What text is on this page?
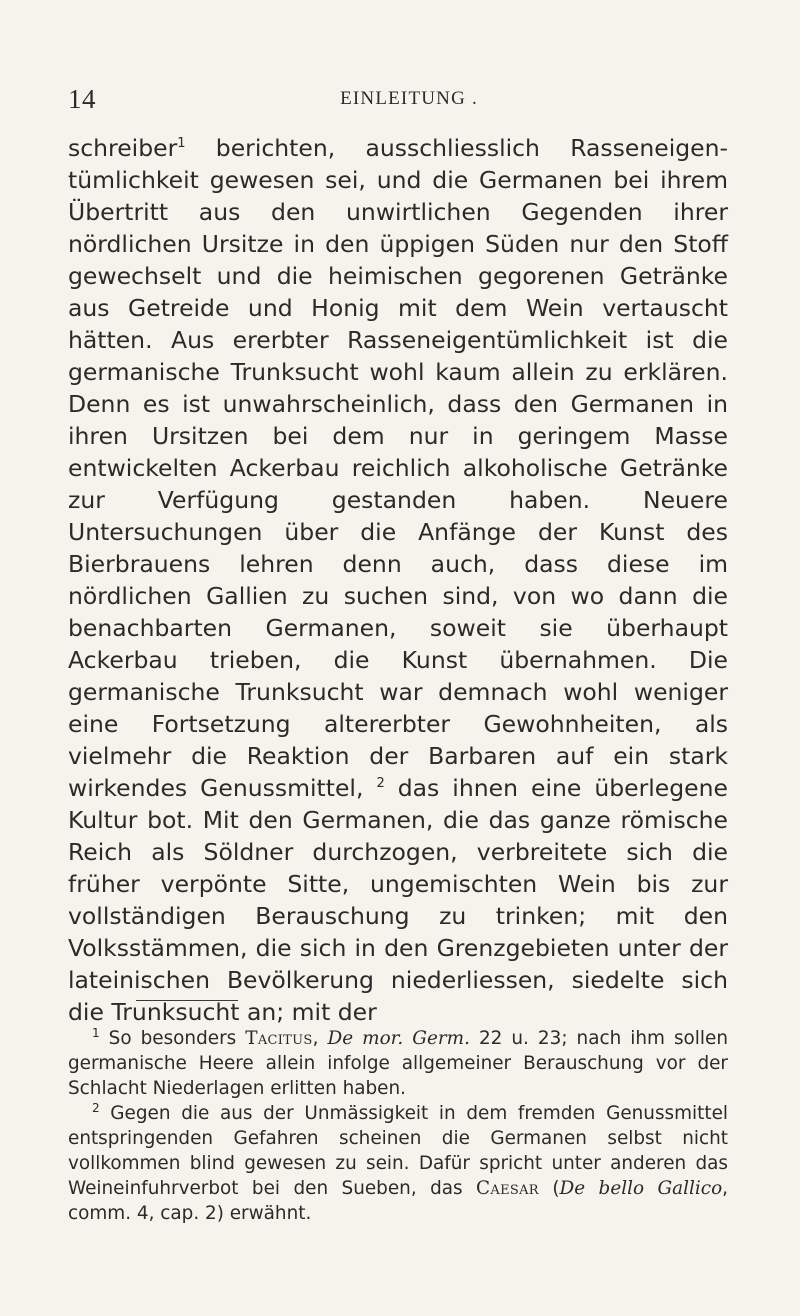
14	EINLEITUNG .

schreiber$^1$ berichten, ausschliesslich Rasseneigentümlichkeit gewesen sei, und die Germanen bei ihrem Übertritt aus den unwirtlichen Gegenden ihrer nördlichen Ursitze in den üppigen Süden nur den Stoff gewechselt und die heimischen gegorenen Getränke aus Getreide und Honig mit dem Wein vertauscht hätten. Aus ererbter Rasseneigentümlichkeit ist die germanische Trunksucht wohl kaum allein zu erklären. Denn es ist unwahrscheinlich, dass den Germanen in ihren Ursitzen bei dem nur in geringem Masse entwickelten Ackerbau reichlich alkoholische Getränke zur Verfügung gestanden haben. Neuere Untersuchungen über die Anfänge der Kunst des Bierbrauens lehren denn auch, dass diese im nördlichen Gallien zu suchen sind, von wo dann die benachbarten Germanen, soweit sie überhaupt Ackerbau trieben, die Kunst übernahmen. Die germanische Trunksucht war demnach wohl weniger eine Fortsetzung altererbter Gewohnheiten, als vielmehr die Reaktion der Barbaren auf ein stark wirkendes Genussmittel, $^2$ das ihnen eine überlegene Kultur bot. Mit den Germanen, die das ganze römische Reich als Söldner durchzogen, verbreitete sich die früher verpönte Sitte, ungemischten Wein bis zur vollständigen Berauschung zu trinken; mit den Volksstämmen, die sich in den Grenzgebieten unter der lateinischen Bevölkerung niederliessen, siedelte sich die Trunksucht an; mit der

$^1$ So besonders Tacitus, De mor. Germ. 22 u. 23; nach ihm sollen germanische Heere allein infolge allgemeiner Berauschung vor der Schlacht Niederlagen erlitten haben.

$^2$ Gegen die aus der Unmässigkeit in dem fremden Genussmittel entspringenden Gefahren scheinen die Germanen selbst nicht vollkommen blind gewesen zu sein. Dafür spricht unter anderen das Weineinfuhrverbot bei den Sueben, das Caesar (De bello Gallico, comm. 4, cap. 2) erwähnt.
